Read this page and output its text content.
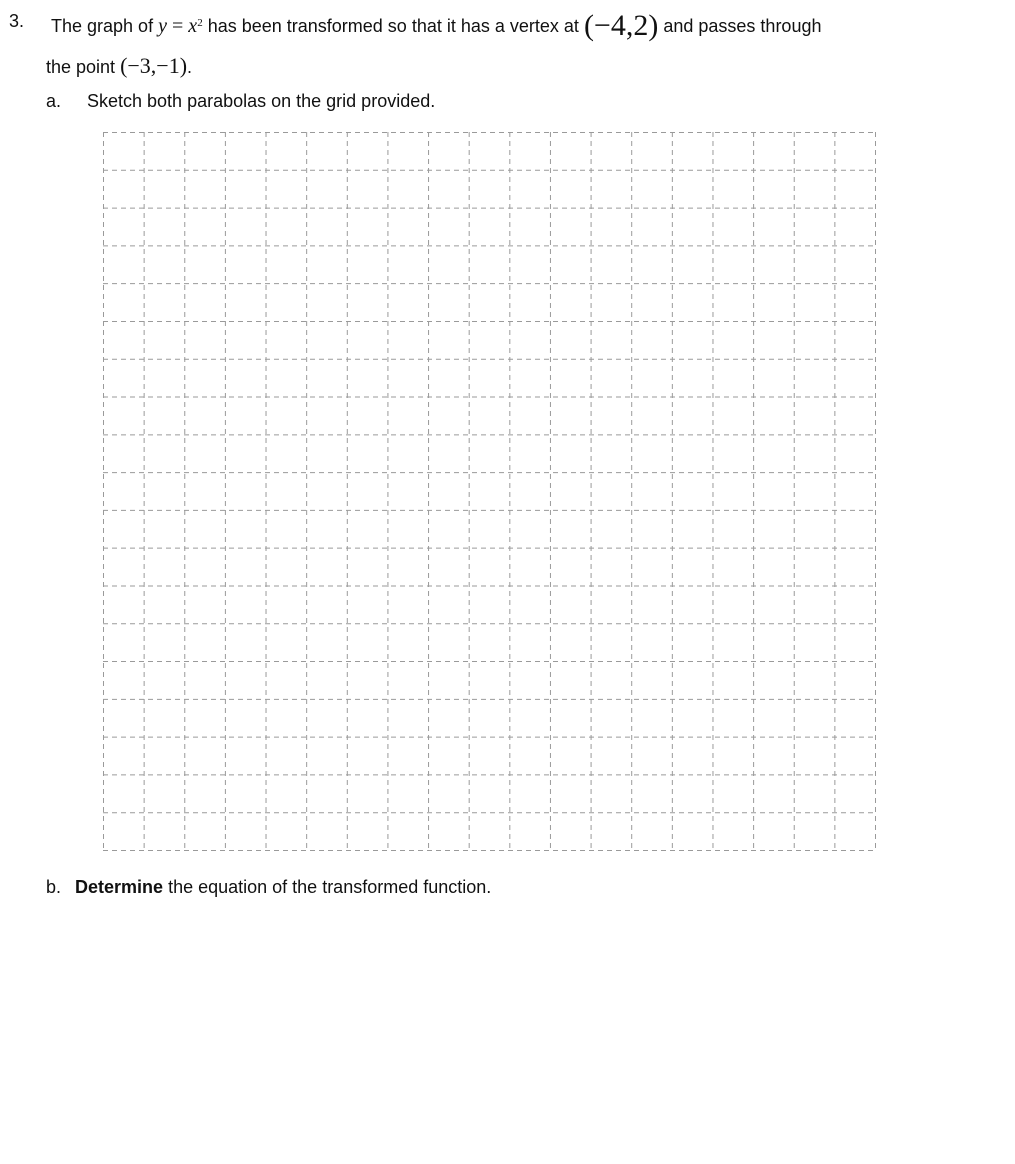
3. The graph of $y = x^2$ has been transformed so that it has a vertex at (−4,2) and passes through
the point (−3,−1).
a. Sketch both parabolas on the grid provided.
b. Determine the equation of the transformed function.
